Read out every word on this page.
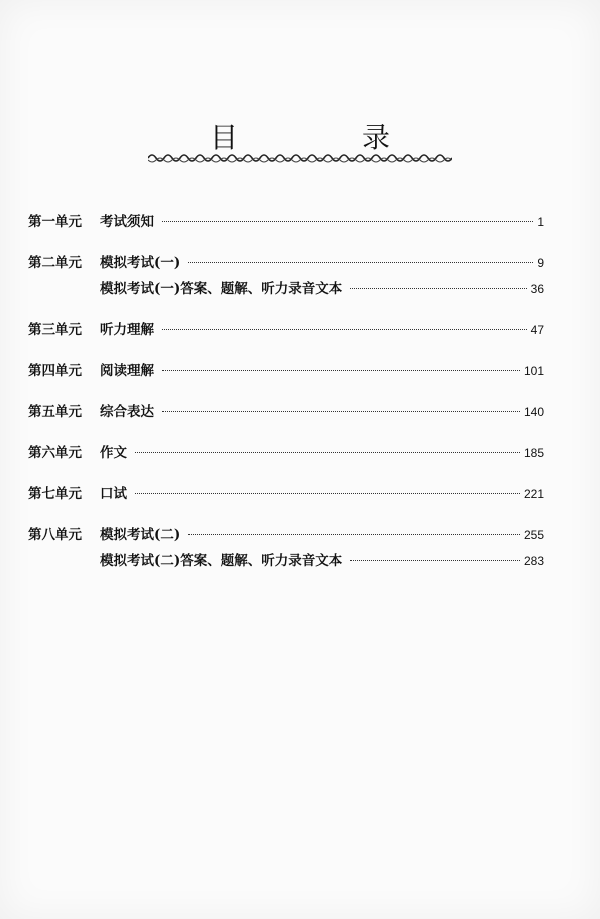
目　录
第一单元	考试须知	1
第二单元	模拟考试(一)	9
模拟考试(一)答案、题解、听力录音文本	36
第三单元	听力理解	47
第四单元	阅读理解	101
第五单元	综合表达	140
第六单元	作文	185
第七单元	口试	221
第八单元	模拟考试(二)	255
模拟考试(二)答案、题解、听力录音文本	283
